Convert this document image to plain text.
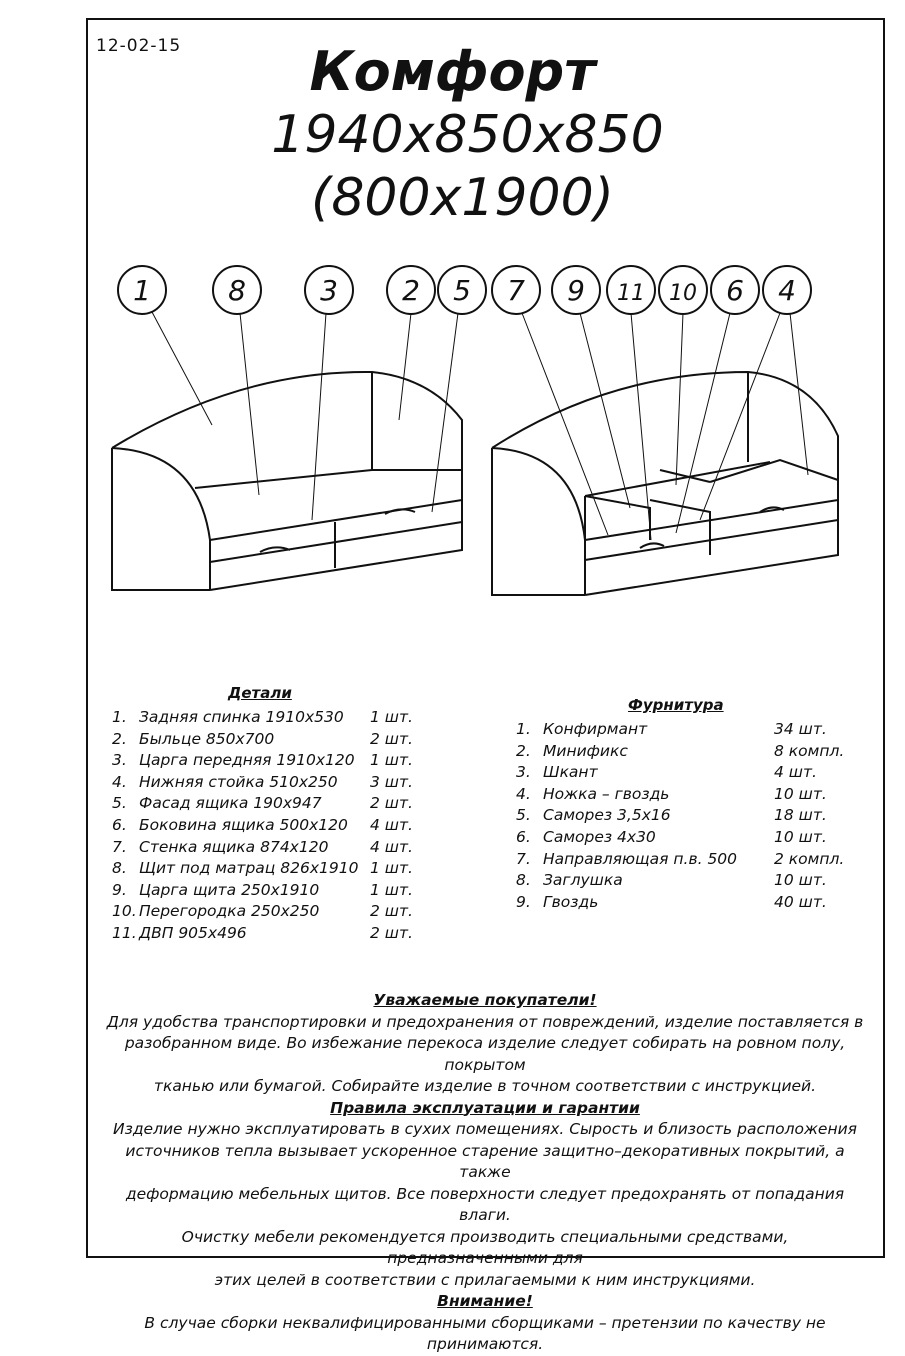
12-02-15	Комфорт
1940x850x850
(800x1900)
1	8	3 2 5 7 9 11 10 6 4
Детали
1. Задняя спинка 1910x530 1 шт.
2. Быльце 850x700	2 шт.
3. Царга передняя 1910x120 1 шт.
4. Нижняя стойка 510x250 3 шт.
5. Фасад ящика 190x947	2 шт.
6. Боковина ящика 500x120 4 шт.
7. Стенка ящика 874x120	4 шт.
8. Щит под матрац 826x1910 1 шт.
9. Царга щита 250x1910	1 шт.
10. Перегородка 250x250	2 шт.
11. ДВП 905x496	2 шт.
Фурнитура
1. Конфирмант	34 шт.
2. Минификс	8 компл.
3. Шкант	4 шт.
4. Ножка – гвоздь	10 шт.
5. Саморез 3,5x16	18 шт.
6. Саморез 4x30	10 шт.
7. Направляющая п.в. 500 2 компл.
8. Заглушка	10 шт.
9. Гвоздь	40 шт.
Уважаемые покупатели!
Для удобства транспортировки и предохранения от повреждений, изделие поставляется в
разобранном виде. Во избежание перекоса изделие следует собирать на ровном полу, покрытом
тканью или бумагой. Собирайте изделие в точном соответствии с инструкцией.
Правила эксплуатации и гарантии
Изделие нужно эксплуатировать в сухих помещениях. Сырость и близость расположения
источников тепла вызывает ускоренное старение защитно–декоративных покрытий, а также
деформацию мебельных щитов. Все поверхности следует предохранять от попадания влаги.
Очистку мебели рекомендуется производить специальными средствами, предназначенными для
этих целей в соответствии с прилагаемыми к ним инструкциями.
Внимание!
В случае сборки неквалифицированными сборщиками – претензии по качеству не принимаются.
